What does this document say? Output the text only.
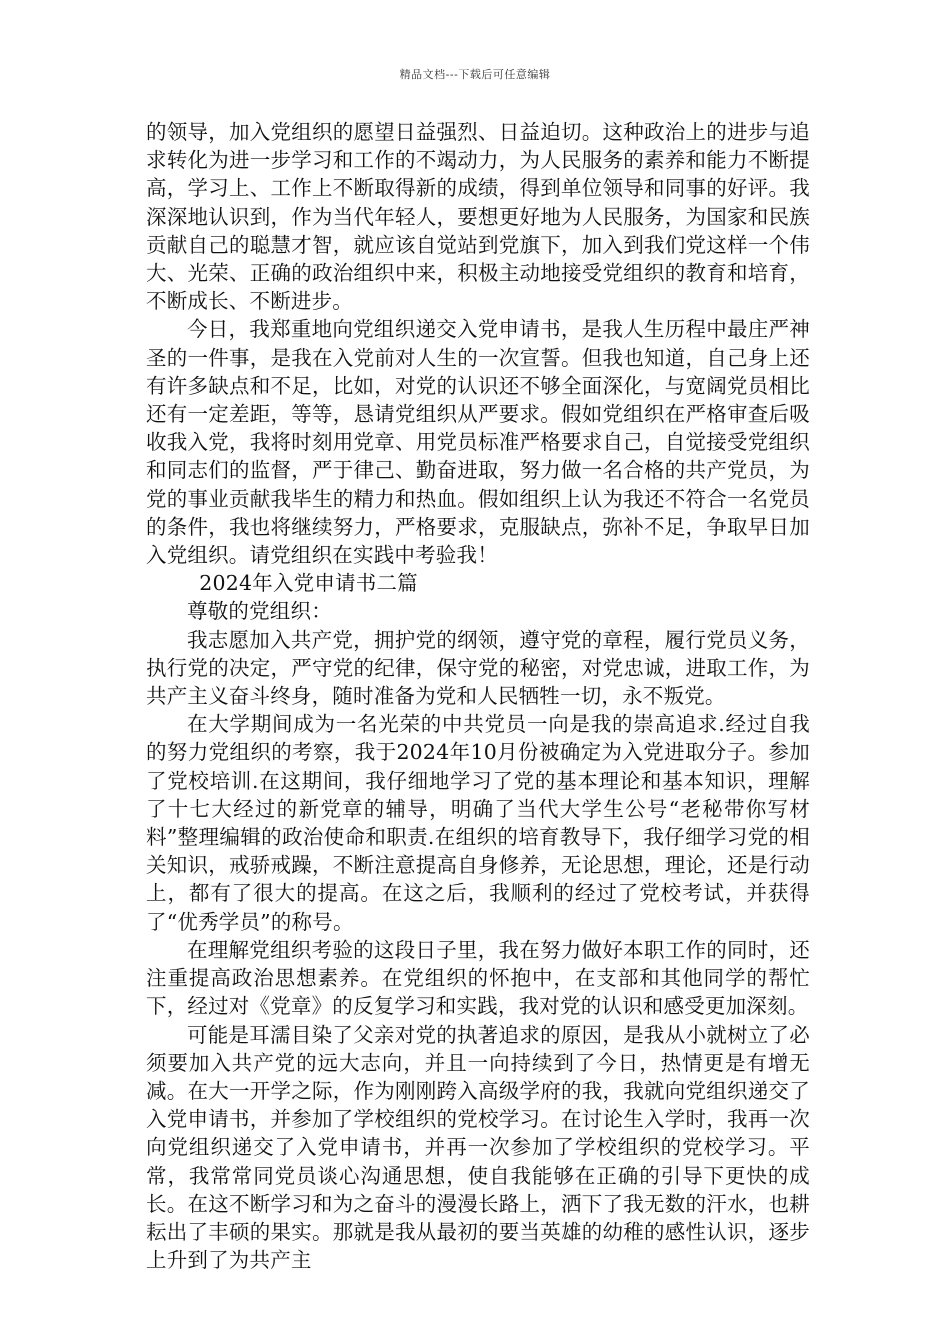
精品文档---下载后可任意编辑

的领导，加入党组织的愿望日益强烈、日益迫切。这种政治上的进步与追求转化为进一步学习和工作的不竭动力，为人民服务的素养和能力不断提高，学习上、工作上不断取得新的成绩，得到单位领导和同事的好评。我深深地认识到，作为当代年轻人，要想更好地为人民服务，为国家和民族贡献自己的聪慧才智，就应该自觉站到党旗下，加入到我们党这样一个伟大、光荣、正确的政治组织中来，积极主动地接受党组织的教育和培育，不断成长、不断进步。

今日，我郑重地向党组织递交入党申请书，是我人生历程中最庄严神圣的一件事，是我在入党前对人生的一次宣誓。但我也知道，自己身上还有许多缺点和不足，比如，对党的认识还不够全面深化，与宽阔党员相比还有一定差距，等等，恳请党组织从严要求。假如党组织在严格审查后吸收我入党，我将时刻用党章、用党员标准严格要求自己，自觉接受党组织和同志们的监督，严于律己、勤奋进取，努力做一名合格的共产党员，为党的事业贡献我毕生的精力和热血。假如组织上认为我还不符合一名党员的条件，我也将继续努力，严格要求，克服缺点，弥补不足，争取早日加入党组织。请党组织在实践中考验我！

2024年入党申请书二篇

尊敬的党组织：

我志愿加入共产党，拥护党的纲领，遵守党的章程，履行党员义务，执行党的决定，严守党的纪律，保守党的秘密，对党忠诚，进取工作，为共产主义奋斗终身，随时准备为党和人民牺牲一切，永不叛党。

在大学期间成为一名光荣的中共党员一向是我的崇高追求.经过自我的努力党组织的考察，我于2024年10月份被确定为入党进取分子。参加了党校培训.在这期间，我仔细地学习了党的基本理论和基本知识，理解了十七大经过的新党章的辅导，明确了当代大学生公号“老秘带你写材料”整理编辑的政治使命和职责.在组织的培育教导下，我仔细学习党的相关知识，戒骄戒躁，不断注意提高自身修养，无论思想，理论，还是行动上，都有了很大的提高。在这之后，我顺利的经过了党校考试，并获得了“优秀学员”的称号。

在理解党组织考验的这段日子里，我在努力做好本职工作的同时，还注重提高政治思想素养。在党组织的怀抱中，在支部和其他同学的帮忙下，经过对《党章》的反复学习和实践，我对党的认识和感受更加深刻。

可能是耳濡目染了父亲对党的执著追求的原因，是我从小就树立了必须要加入共产党的远大志向，并且一向持续到了今日，热情更是有增无减。在大一开学之际，作为刚刚跨入高级学府的我，我就向党组织递交了入党申请书，并参加了学校组织的党校学习。在讨论生入学时，我再一次向党组织递交了入党申请书，并再一次参加了学校组织的党校学习。平常，我常常同党员谈心沟通思想，使自我能够在正确的引导下更快的成长。在这不断学习和为之奋斗的漫漫长路上，洒下了我无数的汗水，也耕耘出了丰硕的果实。那就是我从最初的要当英雄的幼稚的感性认识，逐步上升到了为共产主
